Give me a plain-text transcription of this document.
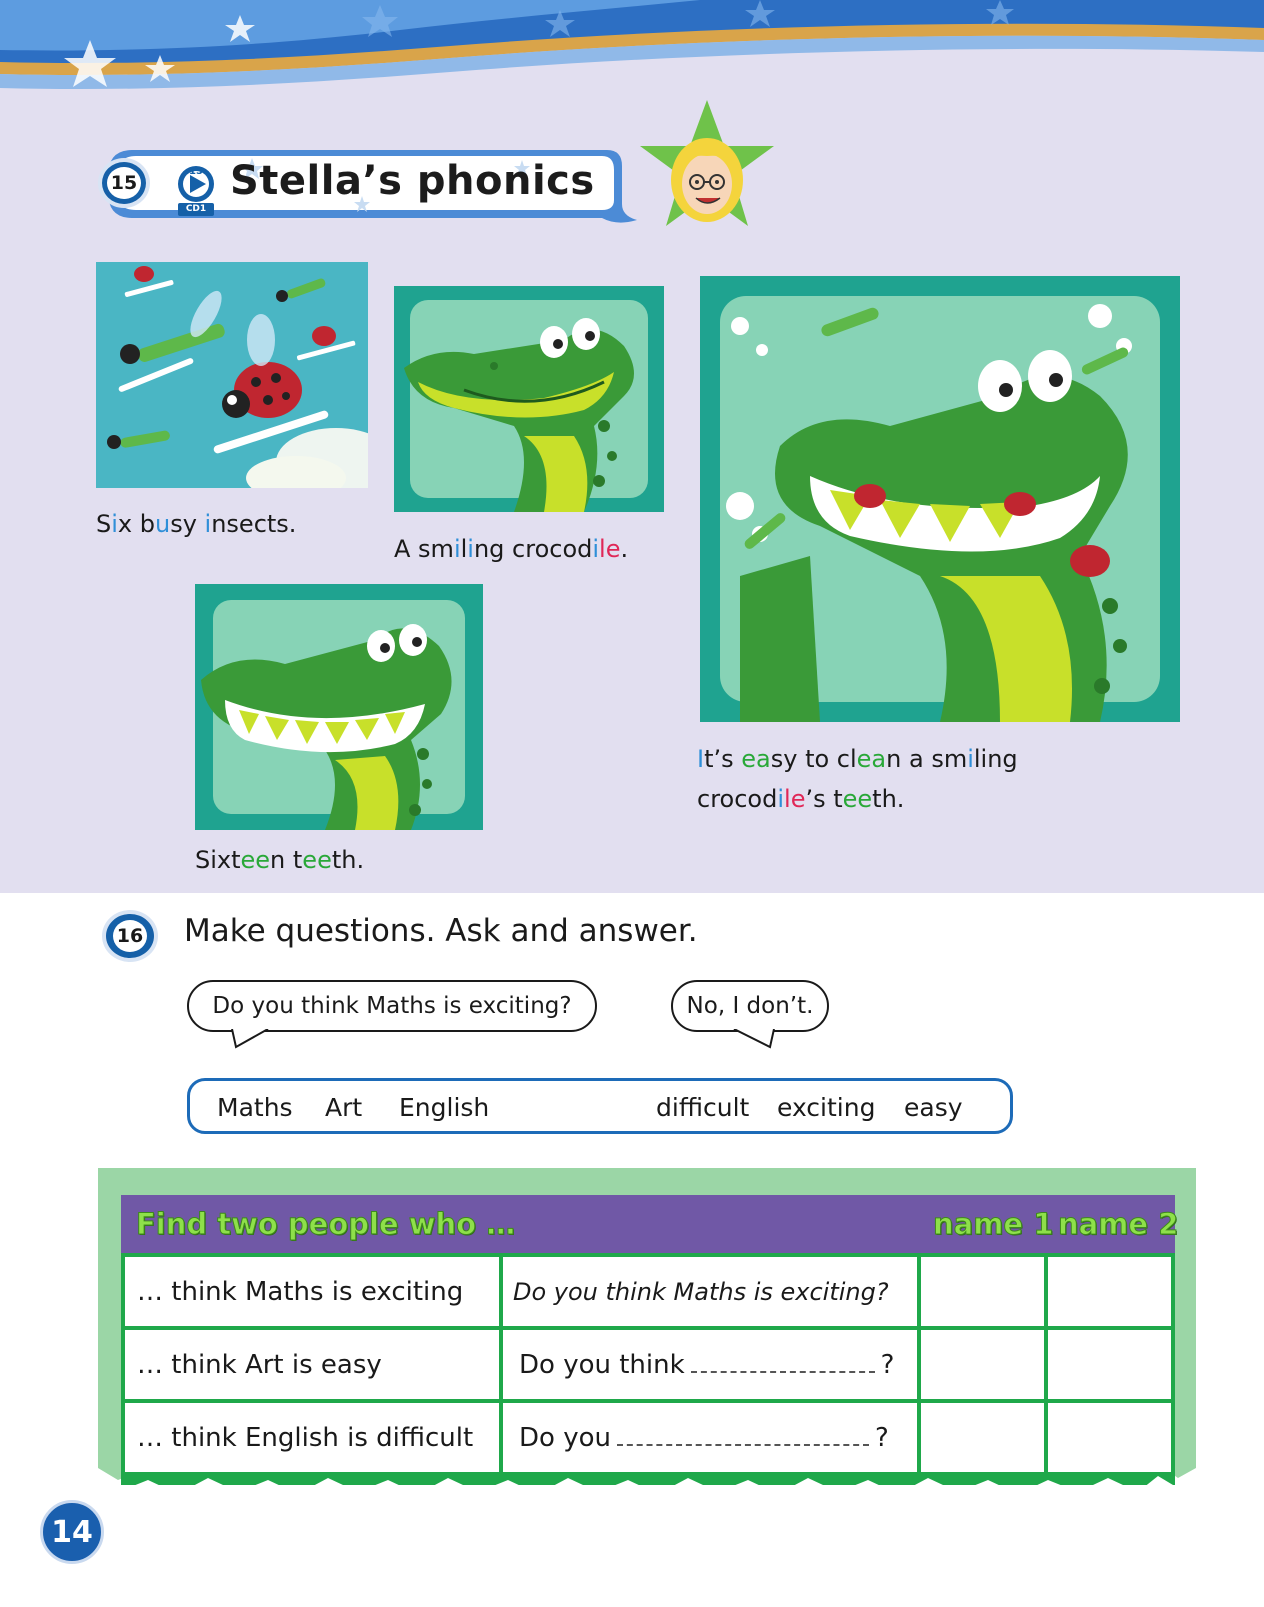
15
15
CD1
Stella’s phonics
Six busy insects.
A smiling crocodile.
It’s easy to clean a smiling
crocodile’s teeth.
Sixteen teeth.
16 Make questions. Ask and answer.
Do you think Maths is exciting?	No, I don’t.
Maths Art English	difficult exciting easy
Find two people who …	name 1 name 2
… think Maths is exciting	Do you think Maths is exciting?
… think Art is easy	Do you think	?
… think English is difficult	Do you	?
14
